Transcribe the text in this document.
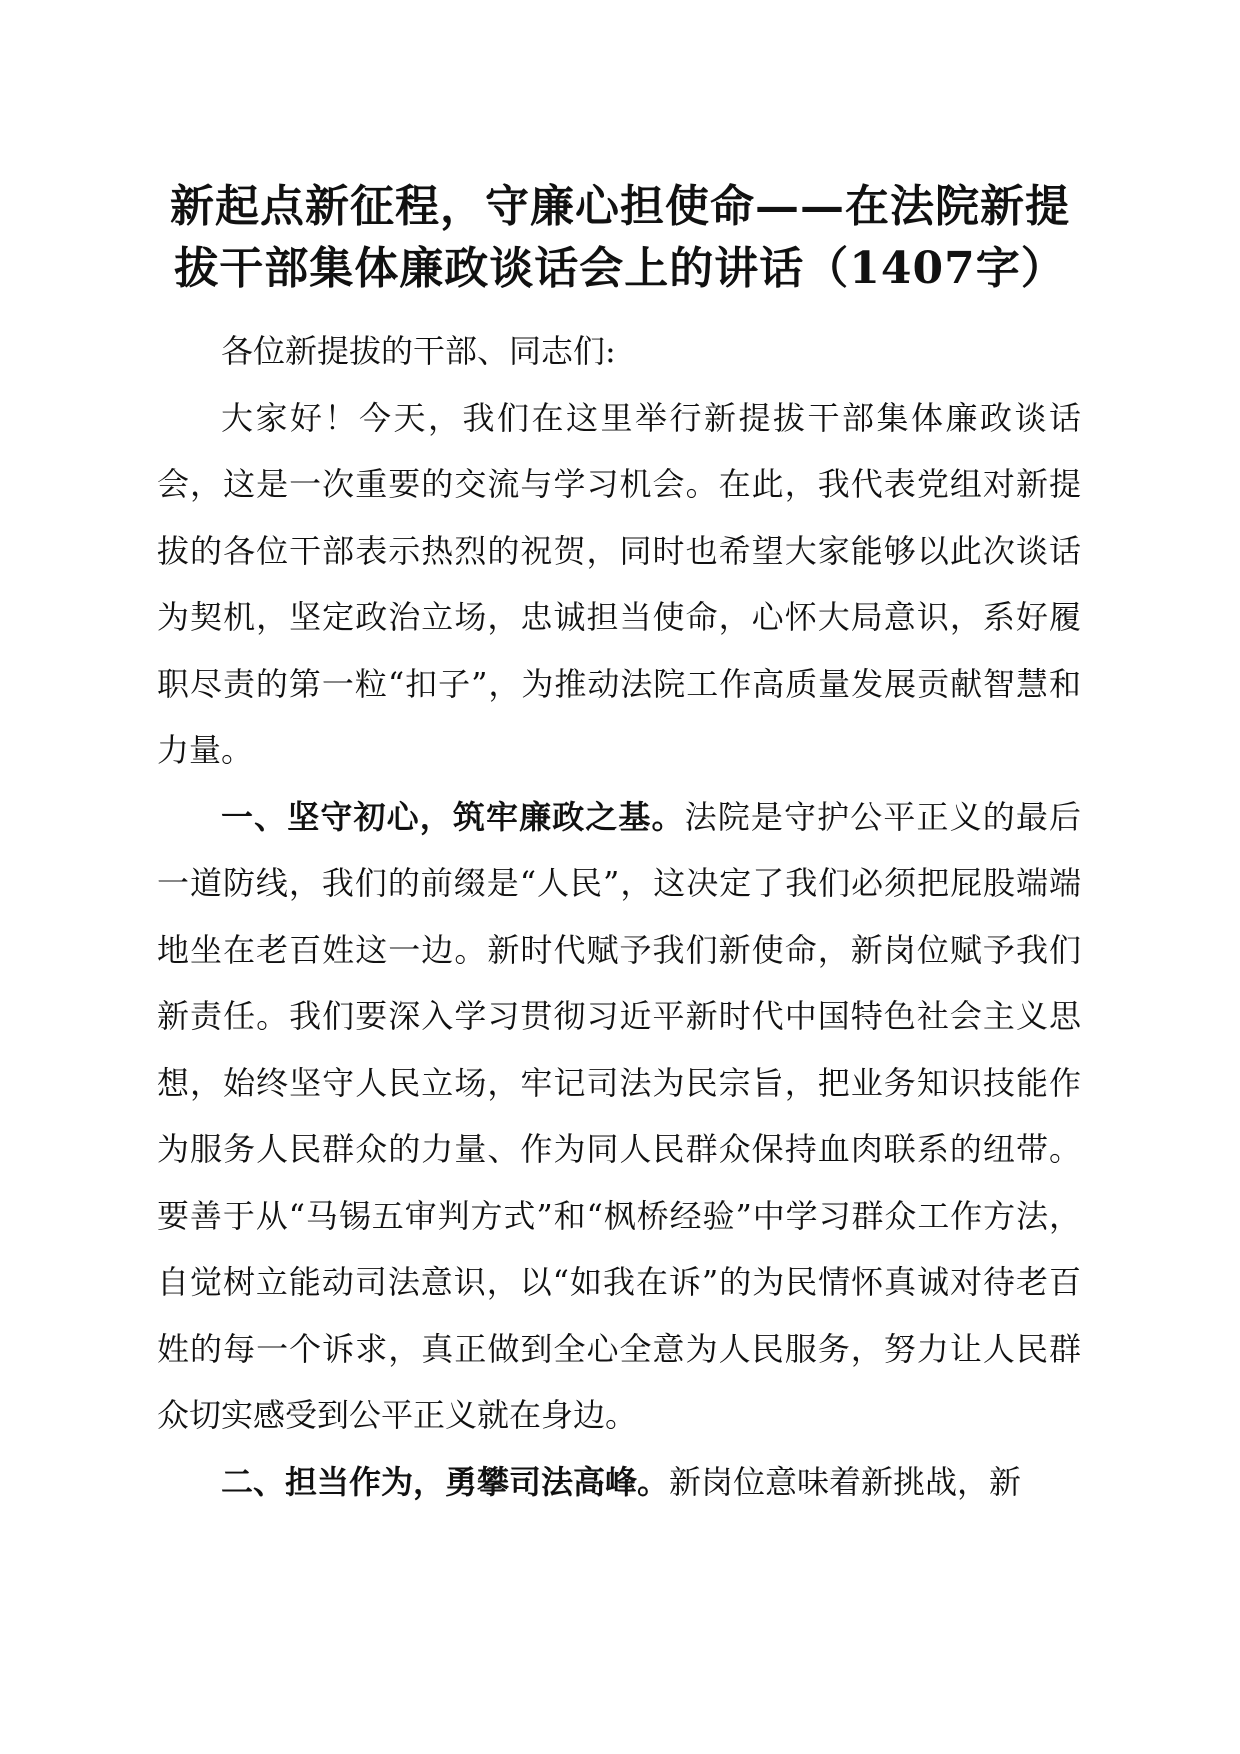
新起点新征程，守廉心担使命——在法院新提
拔干部集体廉政谈话会上的讲话（1407字）

各位新提拔的干部、同志们:

大家好！今天，我们在这里举行新提拔干部集体廉政谈话会，这是一次重要的交流与学习机会。在此，我代表党组对新提拔的各位干部表示热烈的祝贺，同时也希望大家能够以此次谈话为契机，坚定政治立场，忠诚担当使命，心怀大局意识，系好履职尽责的第一粒“扣子”，为推动法院工作高质量发展贡献智慧和力量。

一、坚守初心，筑牢廉政之基。法院是守护公平正义的最后一道防线，我们的前缀是“人民”，这决定了我们必须把屁股端端地坐在老百姓这一边。新时代赋予我们新使命，新岗位赋予我们新责任。我们要深入学习贯彻习近平新时代中国特色社会主义思想，始终坚守人民立场，牢记司法为民宗旨，把业务知识技能作为服务人民群众的力量、作为同人民群众保持血肉联系的纽带。要善于从“马锡五审判方式”和“枫桥经验”中学习群众工作方法，自觉树立能动司法意识，以“如我在诉”的为民情怀真诚对待老百姓的每一个诉求，真正做到全心全意为人民服务，努力让人民群众切实感受到公平正义就在身边。

二、担当作为，勇攀司法高峰。新岗位意味着新挑战，新
